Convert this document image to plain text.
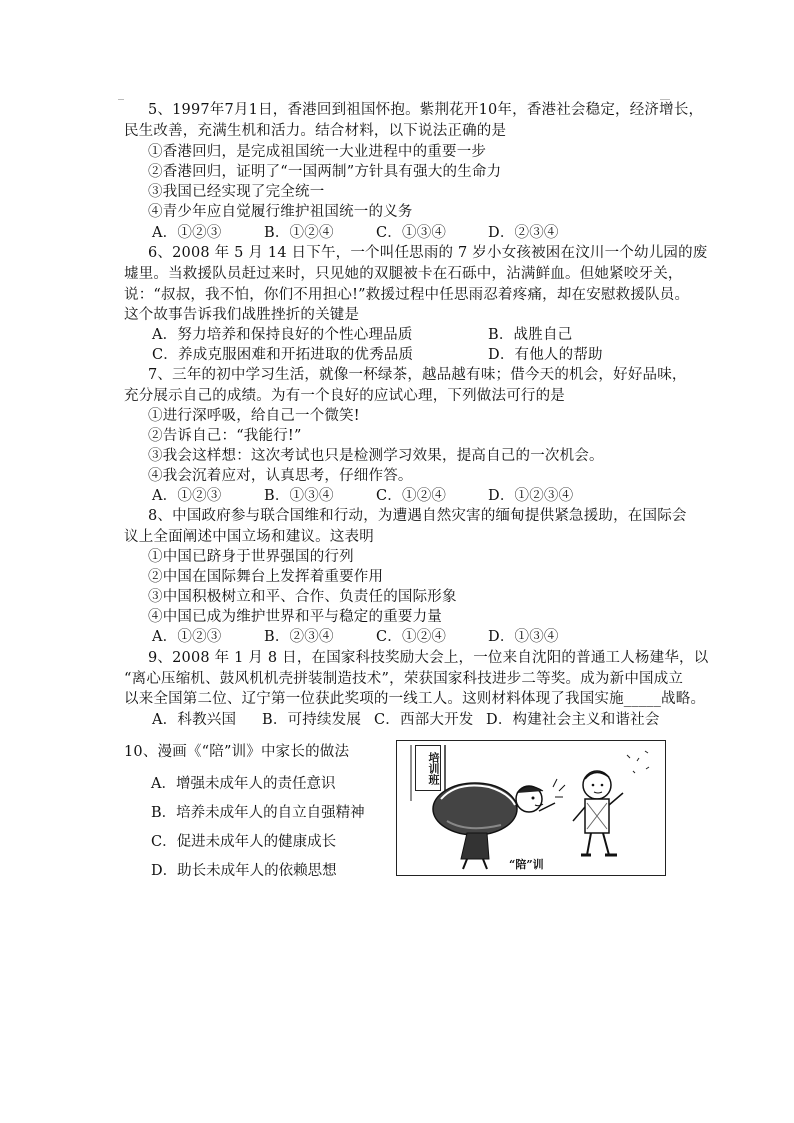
5、1997年7月1日，香港回到祖国怀抱。紫荆花开10年，香港社会稳定，经济增长，
民生改善，充满生机和活力。结合材料，以下说法正确的是
①香港回归，是完成祖国统一大业进程中的重要一步
②香港回归，证明了“一国两制”方针具有强大的生命力
③我国已经实现了完全统一
④青少年应自觉履行维护祖国统一的义务
A．①②③	B．①②④	C．①③④	D．②③④
6、2008 年 5 月 14 日下午，一个叫任思雨的 7 岁小女孩被困在汶川一个幼儿园的废
墟里。当救援队员赶过来时，只见她的双腿被卡在石砾中，沾满鲜血。但她紧咬牙关，
说：“叔叔，我不怕，你们不用担心!”救援过程中任思雨忍着疼痛，却在安慰救援队员。
这个故事告诉我们战胜挫折的关键是
A．努力培养和保持良好的个性心理品质	B．战胜自己
C．养成克服困难和开拓进取的优秀品质	D．有他人的帮助
7、三年的初中学习生活，就像一杯绿茶，越品越有味；借今天的机会，好好品味，
充分展示自己的成绩。为有一个良好的应试心理，下列做法可行的是
①进行深呼吸，给自己一个微笑!
②告诉自己：“我能行!”
③我会这样想：这次考试也只是检测学习效果，提高自己的一次机会。
④我会沉着应对，认真思考，仔细作答。
A．①②③	B．①③④	C．①②④	D．①②③④
8、中国政府参与联合国维和行动，为遭遇自然灾害的缅甸提供紧急援助，在国际会
议上全面阐述中国立场和建议。这表明
①中国已跻身于世界强国的行列
②中国在国际舞台上发挥着重要作用
③中国积极树立和平、合作、负责任的国际形象
④中国已成为维护世界和平与稳定的重要力量
A．①②③	B．②③④	C．①②④	D．①③④
9、2008 年 1 月 8 日，在国家科技奖励大会上，一位来自沈阳的普通工人杨建华，以
“离心压缩机、鼓风机机壳拼装制造技术”，荣获国家科技进步二等奖。成为新中国成立
以来全国第二位、辽宁第一位获此奖项的一线工人。这则材料体现了我国实施_____战略。
A．科教兴国 B．可持续发展 C．西部大开发 D．构建社会主义和谐社会
10、漫画《“陪”训》中家长的做法
A．增强未成年人的责任意识
B．培养未成年人的自立自强精神
C．促进未成年人的健康成长
D．助长未成年人的依赖思想
培训班
“陪”训
